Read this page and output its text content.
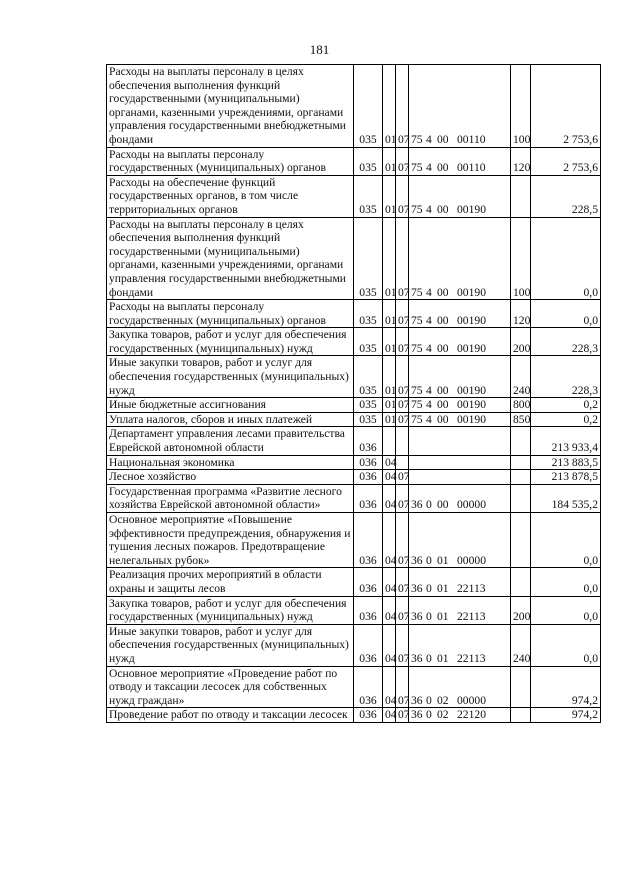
181
Расходы на выплаты персоналу в целях обеспечения выполнения функций государственными (муниципальными) органами, казенными учреждениями, органами управления государственными внебюджетными фондами	035	01	07	75 4 00 00110	100	2 753,6
Расходы на выплаты персоналу государственных (муниципальных) органов	035	01	07	75 4 00 00110	120	2 753,6
Расходы на обеспечение функций государственных органов, в том числе территориальных органов	035	01	07	75 4 00 00190		228,5
Расходы на выплаты персоналу в целях обеспечения выполнения функций государственными (муниципальными) органами, казенными учреждениями, органами управления государственными внебюджетными фондами	035	01	07	75 4 00 00190	100	0,0
Расходы на выплаты персоналу государственных (муниципальных) органов	035	01	07	75 4 00 00190	120	0,0
Закупка товаров, работ и услуг для обеспечения государственных (муниципальных) нужд	035	01	07	75 4 00 00190	200	228,3
Иные закупки товаров, работ и услуг для обеспечения государственных (муниципальных) нужд	035	01	07	75 4 00 00190	240	228,3
Иные бюджетные ассигнования	035	01	07	75 4 00 00190	800	0,2
Уплата налогов, сборов и иных платежей	035	01	07	75 4 00 00190	850	0,2
Департамент управления лесами правительства Еврейской автономной области	036					213 933,4
Национальная экономика	036	04				213 883,5
Лесное хозяйство	036	04	07			213 878,5
Государственная программа «Развитие лесного хозяйства Еврейской автономной области»	036	04	07	36 0 00 00000		184 535,2
Основное мероприятие «Повышение эффективности предупреждения, обнаружения и тушения лесных пожаров. Предотвращение нелегальных рубок»	036	04	07	36 0 01 00000		0,0
Реализация прочих мероприятий в области охраны и защиты лесов	036	04	07	36 0 01 22113		0,0
Закупка товаров, работ и услуг для обеспечения государственных (муниципальных) нужд	036	04	07	36 0 01 22113	200	0,0
Иные закупки товаров, работ и услуг для обеспечения государственных (муниципальных) нужд	036	04	07	36 0 01 22113	240	0,0
Основное мероприятие «Проведение работ по отводу и таксации лесосек для собственных нужд граждан»	036	04	07	36 0 02 00000		974,2
Проведение работ по отводу и таксации лесосек	036	04	07	36 0 02 22120		974,2
